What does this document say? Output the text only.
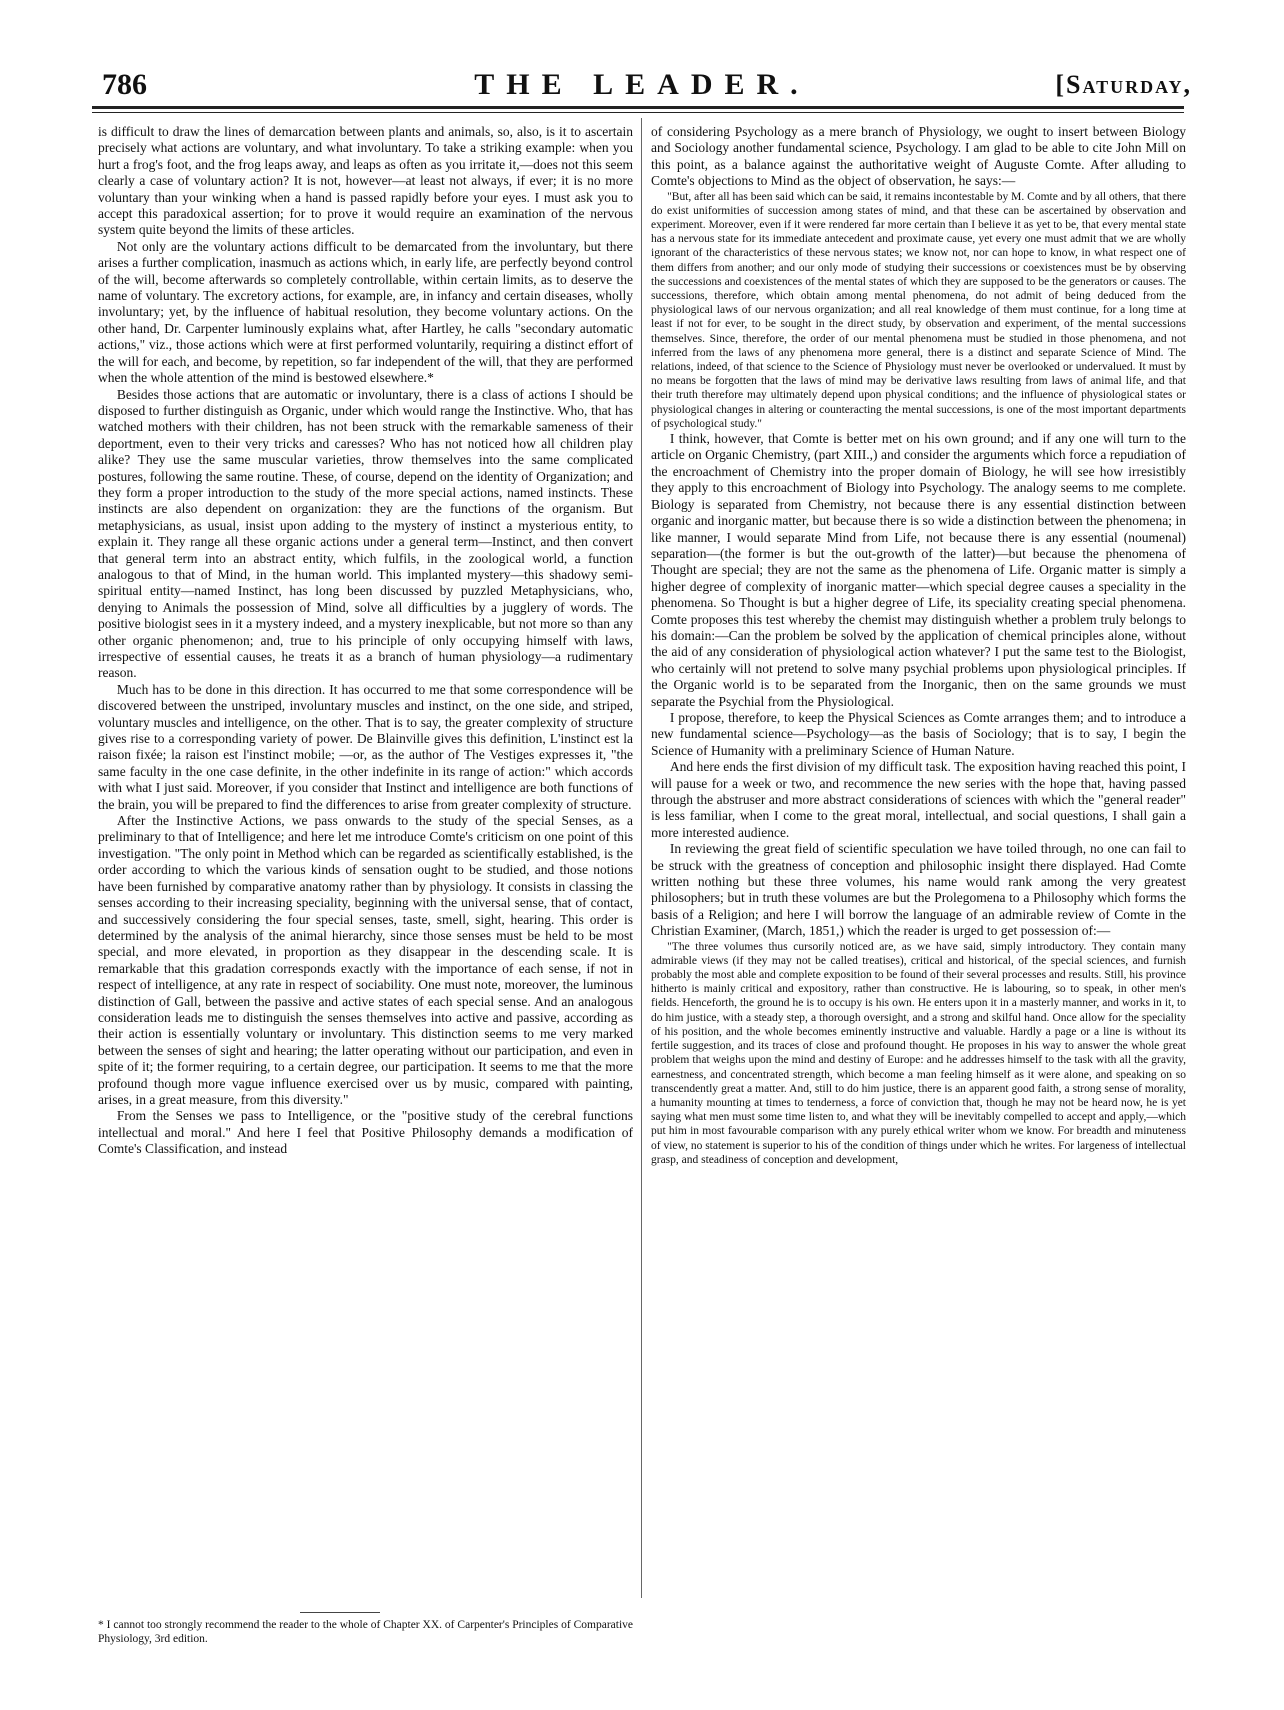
786	THE LEADER.	[Saturday,

is difficult to draw the lines of demarcation between plants and animals, so, also, is it to ascertain precisely what actions are voluntary, and what involuntary. To take a striking example: when you hurt a frog's foot, and the frog leaps away, and leaps as often as you irritate it,—does not this seem clearly a case of voluntary action? It is not, however—at least not always, if ever; it is no more voluntary than your winking when a hand is passed rapidly before your eyes. I must ask you to accept this paradoxical assertion; for to prove it would require an examination of the nervous system quite beyond the limits of these articles.

Not only are the voluntary actions difficult to be demarcated from the involuntary, but there arises a further complication, inasmuch as actions which, in early life, are perfectly beyond control of the will, become afterwards so completely controllable, within certain limits, as to deserve the name of voluntary. The excretory actions, for example, are, in infancy and certain diseases, wholly involuntary; yet, by the influence of habitual resolution, they become voluntary actions. On the other hand, Dr. Carpenter luminously explains what, after Hartley, he calls "secondary automatic actions," viz., those actions which were at first performed voluntarily, requiring a distinct effort of the will for each, and become, by repetition, so far independent of the will, that they are performed when the whole attention of the mind is bestowed elsewhere.*

Besides those actions that are automatic or involuntary, there is a class of actions I should be disposed to further distinguish as Organic, under which would range the Instinctive. Who, that has watched mothers with their children, has not been struck with the remarkable sameness of their deportment, even to their very tricks and caresses? Who has not noticed how all children play alike? They use the same muscular varieties, throw themselves into the same complicated postures, following the same routine. These, of course, depend on the identity of Organization; and they form a proper introduction to the study of the more special actions, named instincts. These instincts are also dependent on organization: they are the functions of the organism. But metaphysicians, as usual, insist upon adding to the mystery of instinct a mysterious entity, to explain it. They range all these organic actions under a general term—Instinct, and then convert that general term into an abstract entity, which fulfils, in the zoological world, a function analogous to that of Mind, in the human world. This implanted mystery—this shadowy semi-spiritual entity—named Instinct, has long been discussed by puzzled Metaphysicians, who, denying to Animals the possession of Mind, solve all difficulties by a jugglery of words. The positive biologist sees in it a mystery indeed, and a mystery inexplicable, but not more so than any other organic phenomenon; and, true to his principle of only occupying himself with laws, irrespective of essential causes, he treats it as a branch of human physiology—a rudimentary reason.

Much has to be done in this direction. It has occurred to me that some correspondence will be discovered between the unstriped, involuntary muscles and instinct, on the one side, and striped, voluntary muscles and intelligence, on the other. That is to say, the greater complexity of structure gives rise to a corresponding variety of power. De Blainville gives this definition, L'instinct est la raison fixée; la raison est l'instinct mobile; —or, as the author of The Vestiges expresses it, "the same faculty in the one case definite, in the other indefinite in its range of action:" which accords with what I just said. Moreover, if you consider that Instinct and intelligence are both functions of the brain, you will be prepared to find the differences to arise from greater complexity of structure.

After the Instinctive Actions, we pass onwards to the study of the special Senses, as a preliminary to that of Intelligence; and here let me introduce Comte's criticism on one point of this investigation. "The only point in Method which can be regarded as scientifically established, is the order according to which the various kinds of sensation ought to be studied, and those notions have been furnished by comparative anatomy rather than by physiology. It consists in classing the senses according to their increasing speciality, beginning with the universal sense, that of contact, and successively considering the four special senses, taste, smell, sight, hearing. This order is determined by the analysis of the animal hierarchy, since those senses must be held to be most special, and more elevated, in proportion as they disappear in the descending scale. It is remarkable that this gradation corresponds exactly with the importance of each sense, if not in respect of intelligence, at any rate in respect of sociability. One must note, moreover, the luminous distinction of Gall, between the passive and active states of each special sense. And an analogous consideration leads me to distinguish the senses themselves into active and passive, according as their action is essentially voluntary or involuntary. This distinction seems to me very marked between the senses of sight and hearing; the latter operating without our participation, and even in spite of it; the former requiring, to a certain degree, our participation. It seems to me that the more profound though more vague influence exercised over us by music, compared with painting, arises, in a great measure, from this diversity."

From the Senses we pass to Intelligence, or the "positive study of the cerebral functions intellectual and moral." And here I feel that Positive Philosophy demands a modification of Comte's Classification, and instead

of considering Psychology as a mere branch of Physiology, we ought to insert between Biology and Sociology another fundamental science, Psychology. I am glad to be able to cite John Mill on this point, as a balance against the authoritative weight of Auguste Comte. After alluding to Comte's objections to Mind as the object of observation, he says:—

"But, after all has been said which can be said, it remains incontestable by M. Comte and by all others, that there do exist uniformities of succession among states of mind, and that these can be ascertained by observation and experiment. Moreover, even if it were rendered far more certain than I believe it as yet to be, that every mental state has a nervous state for its immediate antecedent and proximate cause, yet every one must admit that we are wholly ignorant of the characteristics of these nervous states; we know not, nor can hope to know, in what respect one of them differs from another; and our only mode of studying their successions or coexistences must be by observing the successions and coexistences of the mental states of which they are supposed to be the generators or causes. The successions, therefore, which obtain among mental phenomena, do not admit of being deduced from the physiological laws of our nervous organization; and all real knowledge of them must continue, for a long time at least if not for ever, to be sought in the direct study, by observation and experiment, of the mental successions themselves. Since, therefore, the order of our mental phenomena must be studied in those phenomena, and not inferred from the laws of any phenomena more general, there is a distinct and separate Science of Mind. The relations, indeed, of that science to the Science of Physiology must never be overlooked or undervalued. It must by no means be forgotten that the laws of mind may be derivative laws resulting from laws of animal life, and that their truth therefore may ultimately depend upon physical conditions; and the influence of physiological states or physiological changes in altering or counteracting the mental successions, is one of the most important departments of psychological study."

I think, however, that Comte is better met on his own ground; and if any one will turn to the article on Organic Chemistry, (part XIII.,) and consider the arguments which force a repudiation of the encroachment of Chemistry into the proper domain of Biology, he will see how irresistibly they apply to this encroachment of Biology into Psychology. The analogy seems to me complete. Biology is separated from Chemistry, not because there is any essential distinction between organic and inorganic matter, but because there is so wide a distinction between the phenomena; in like manner, I would separate Mind from Life, not because there is any essential (noumenal) separation—(the former is but the out-growth of the latter)—but because the phenomena of Thought are special; they are not the same as the phenomena of Life. Organic matter is simply a higher degree of complexity of inorganic matter—which special degree causes a speciality in the phenomena. So Thought is but a higher degree of Life, its speciality creating special phenomena. Comte proposes this test whereby the chemist may distinguish whether a problem truly belongs to his domain:—Can the problem be solved by the application of chemical principles alone, without the aid of any consideration of physiological action whatever? I put the same test to the Biologist, who certainly will not pretend to solve many psychial problems upon physiological principles. If the Organic world is to be separated from the Inorganic, then on the same grounds we must separate the Psychial from the Physiological.

I propose, therefore, to keep the Physical Sciences as Comte arranges them; and to introduce a new fundamental science—Psychology—as the basis of Sociology; that is to say, I begin the Science of Humanity with a preliminary Science of Human Nature.

And here ends the first division of my difficult task. The exposition having reached this point, I will pause for a week or two, and recommence the new series with the hope that, having passed through the abstruser and more abstract considerations of sciences with which the "general reader" is less familiar, when I come to the great moral, intellectual, and social questions, I shall gain a more interested audience.

In reviewing the great field of scientific speculation we have toiled through, no one can fail to be struck with the greatness of conception and philosophic insight there displayed. Had Comte written nothing but these three volumes, his name would rank among the very greatest philosophers; but in truth these volumes are but the Prolegomena to a Philosophy which forms the basis of a Religion; and here I will borrow the language of an admirable review of Comte in the Christian Examiner, (March, 1851,) which the reader is urged to get possession of:—

"The three volumes thus cursorily noticed are, as we have said, simply introductory. They contain many admirable views (if they may not be called treatises), critical and historical, of the special sciences, and furnish probably the most able and complete exposition to be found of their several processes and results. Still, his province hitherto is mainly critical and expository, rather than constructive. He is labouring, so to speak, in other men's fields. Henceforth, the ground he is to occupy is his own. He enters upon it in a masterly manner, and works in it, to do him justice, with a steady step, a thorough oversight, and a strong and skilful hand. Once allow for the speciality of his position, and the whole becomes eminently instructive and valuable. Hardly a page or a line is without its fertile suggestion, and its traces of close and profound thought. He proposes in his way to answer the whole great problem that weighs upon the mind and destiny of Europe: and he addresses himself to the task with all the gravity, earnestness, and concentrated strength, which become a man feeling himself as it were alone, and speaking on so transcendently great a matter. And, still to do him justice, there is an apparent good faith, a strong sense of morality, a humanity mounting at times to tenderness, a force of conviction that, though he may not be heard now, he is yet saying what men must some time listen to, and what they will be inevitably compelled to accept and apply,—which put him in most favourable comparison with any purely ethical writer whom we know. For breadth and minuteness of view, no statement is superior to his of the condition of things under which he writes. For largeness of intellectual grasp, and steadiness of conception and development,

* I cannot too strongly recommend the reader to the whole of Chapter XX. of Carpenter's Principles of Comparative Physiology, 3rd edition.
